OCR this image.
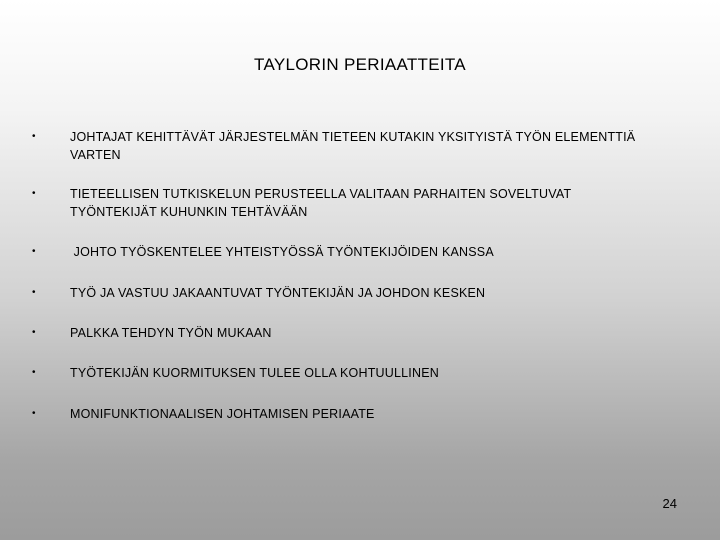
TAYLORIN PERIAATTEITA
•	JOHTAJAT KEHITTÄVÄT JÄRJESTELMÄN TIETEEN KUTAKIN YKSITYISTÄ TYÖN ELEMENTTIÄ VARTEN
•	TIETEELLISEN TUTKISKELUN PERUSTEELLA VALITAAN PARHAITEN SOVELTUVAT TYÖNTEKIJÄT KUHUNKIN TEHTÄVÄÄN
•	JOHTO TYÖSKENTELEE YHTEISTYÖSSÄ TYÖNTEKIJÖIDEN KANSSA
•	TYÖ JA VASTUU JAKAANTUVAT TYÖNTEKIJÄN JA JOHDON KESKEN
•	PALKKA TEHDYN TYÖN MUKAAN
•	TYÖTEKIJÄN KUORMITUKSEN TULEE OLLA KOHTUULLINEN
•	MONIFUNKTIONAALISEN JOHTAMISEN PERIAATE
24
